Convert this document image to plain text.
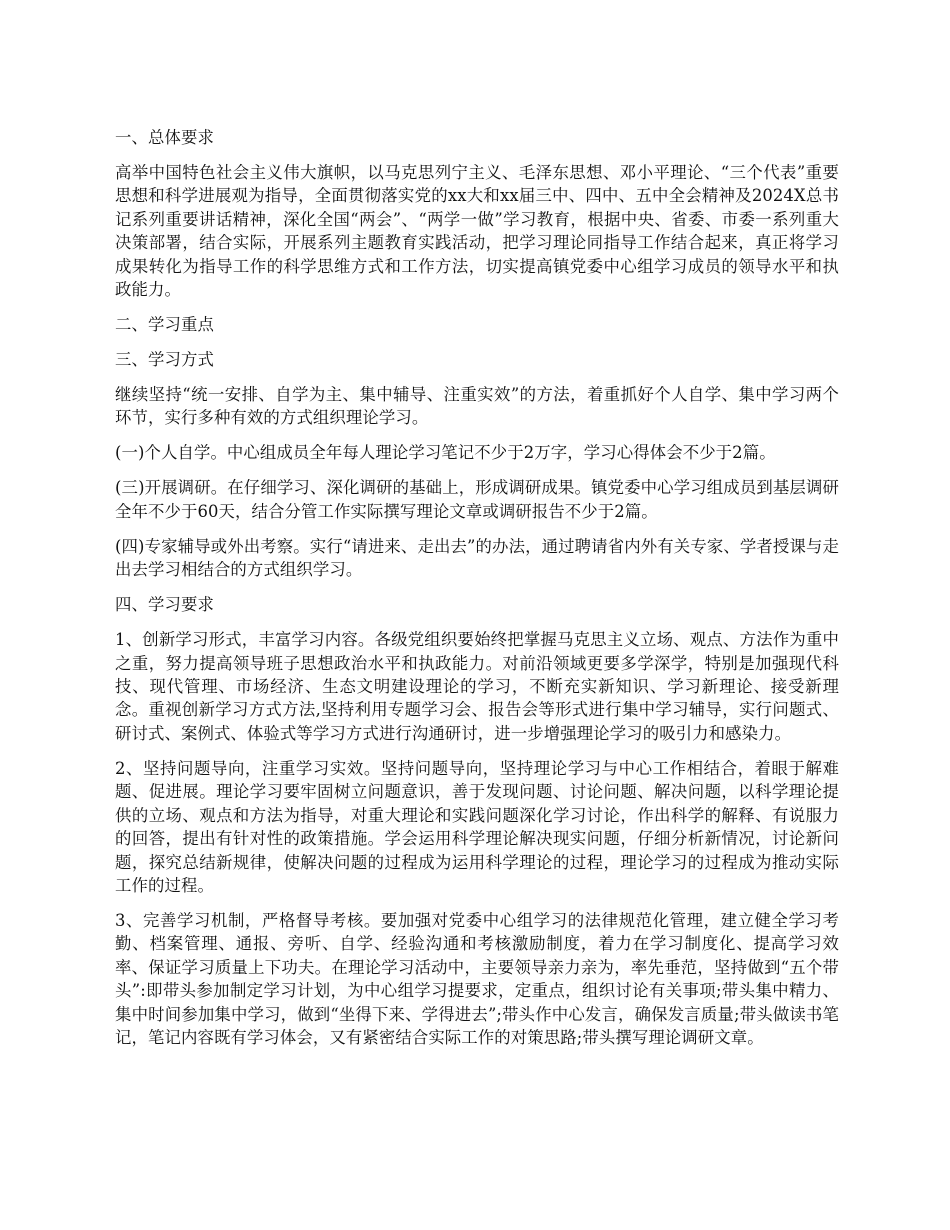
一、总体要求

高举中国特色社会主义伟大旗帜，以马克思列宁主义、毛泽东思想、邓小平理论、“三个代表”重要思想和科学进展观为指导，全面贯彻落实党的xx大和xx届三中、四中、五中全会精神及2024X总书记系列重要讲话精神，深化全国“两会”、“两学一做”学习教育，根据中央、省委、市委一系列重大决策部署，结合实际，开展系列主题教育实践活动，把学习理论同指导工作结合起来，真正将学习成果转化为指导工作的科学思维方式和工作方法，切实提高镇党委中心组学习成员的领导水平和执政能力。

二、学习重点

三、学习方式

继续坚持“统一安排、自学为主、集中辅导、注重实效”的方法，着重抓好个人自学、集中学习两个环节，实行多种有效的方式组织理论学习。

(一)个人自学。中心组成员全年每人理论学习笔记不少于2万字，学习心得体会不少于2篇。

(三)开展调研。在仔细学习、深化调研的基础上，形成调研成果。镇党委中心学习组成员到基层调研全年不少于60天，结合分管工作实际撰写理论文章或调研报告不少于2篇。

(四)专家辅导或外出考察。实行“请进来、走出去”的办法，通过聘请省内外有关专家、学者授课与走出去学习相结合的方式组织学习。

四、学习要求

1、创新学习形式，丰富学习内容。各级党组织要始终把掌握马克思主义立场、观点、方法作为重中之重，努力提高领导班子思想政治水平和执政能力。对前沿领域更要多学深学，特别是加强现代科技、现代管理、市场经济、生态文明建设理论的学习，不断充实新知识、学习新理论、接受新理念。重视创新学习方式方法,坚持利用专题学习会、报告会等形式进行集中学习辅导，实行问题式、研讨式、案例式、体验式等学习方式进行沟通研讨，进一步增强理论学习的吸引力和感染力。

2、坚持问题导向，注重学习实效。坚持问题导向，坚持理论学习与中心工作相结合，着眼于解难题、促进展。理论学习要牢固树立问题意识，善于发现问题、讨论问题、解决问题，以科学理论提供的立场、观点和方法为指导，对重大理论和实践问题深化学习讨论，作出科学的解释、有说服力的回答，提出有针对性的政策措施。学会运用科学理论解决现实问题，仔细分析新情况，讨论新问题，探究总结新规律，使解决问题的过程成为运用科学理论的过程，理论学习的过程成为推动实际工作的过程。

3、完善学习机制，严格督导考核。要加强对党委中心组学习的法律规范化管理，建立健全学习考勤、档案管理、通报、旁听、自学、经验沟通和考核激励制度，着力在学习制度化、提高学习效率、保证学习质量上下功夫。在理论学习活动中，主要领导亲力亲为，率先垂范，坚持做到“五个带头”:即带头参加制定学习计划，为中心组学习提要求，定重点，组织讨论有关事项;带头集中精力、集中时间参加集中学习，做到“坐得下来、学得进去”;带头作中心发言，确保发言质量;带头做读书笔记，笔记内容既有学习体会，又有紧密结合实际工作的对策思路;带头撰写理论调研文章。
